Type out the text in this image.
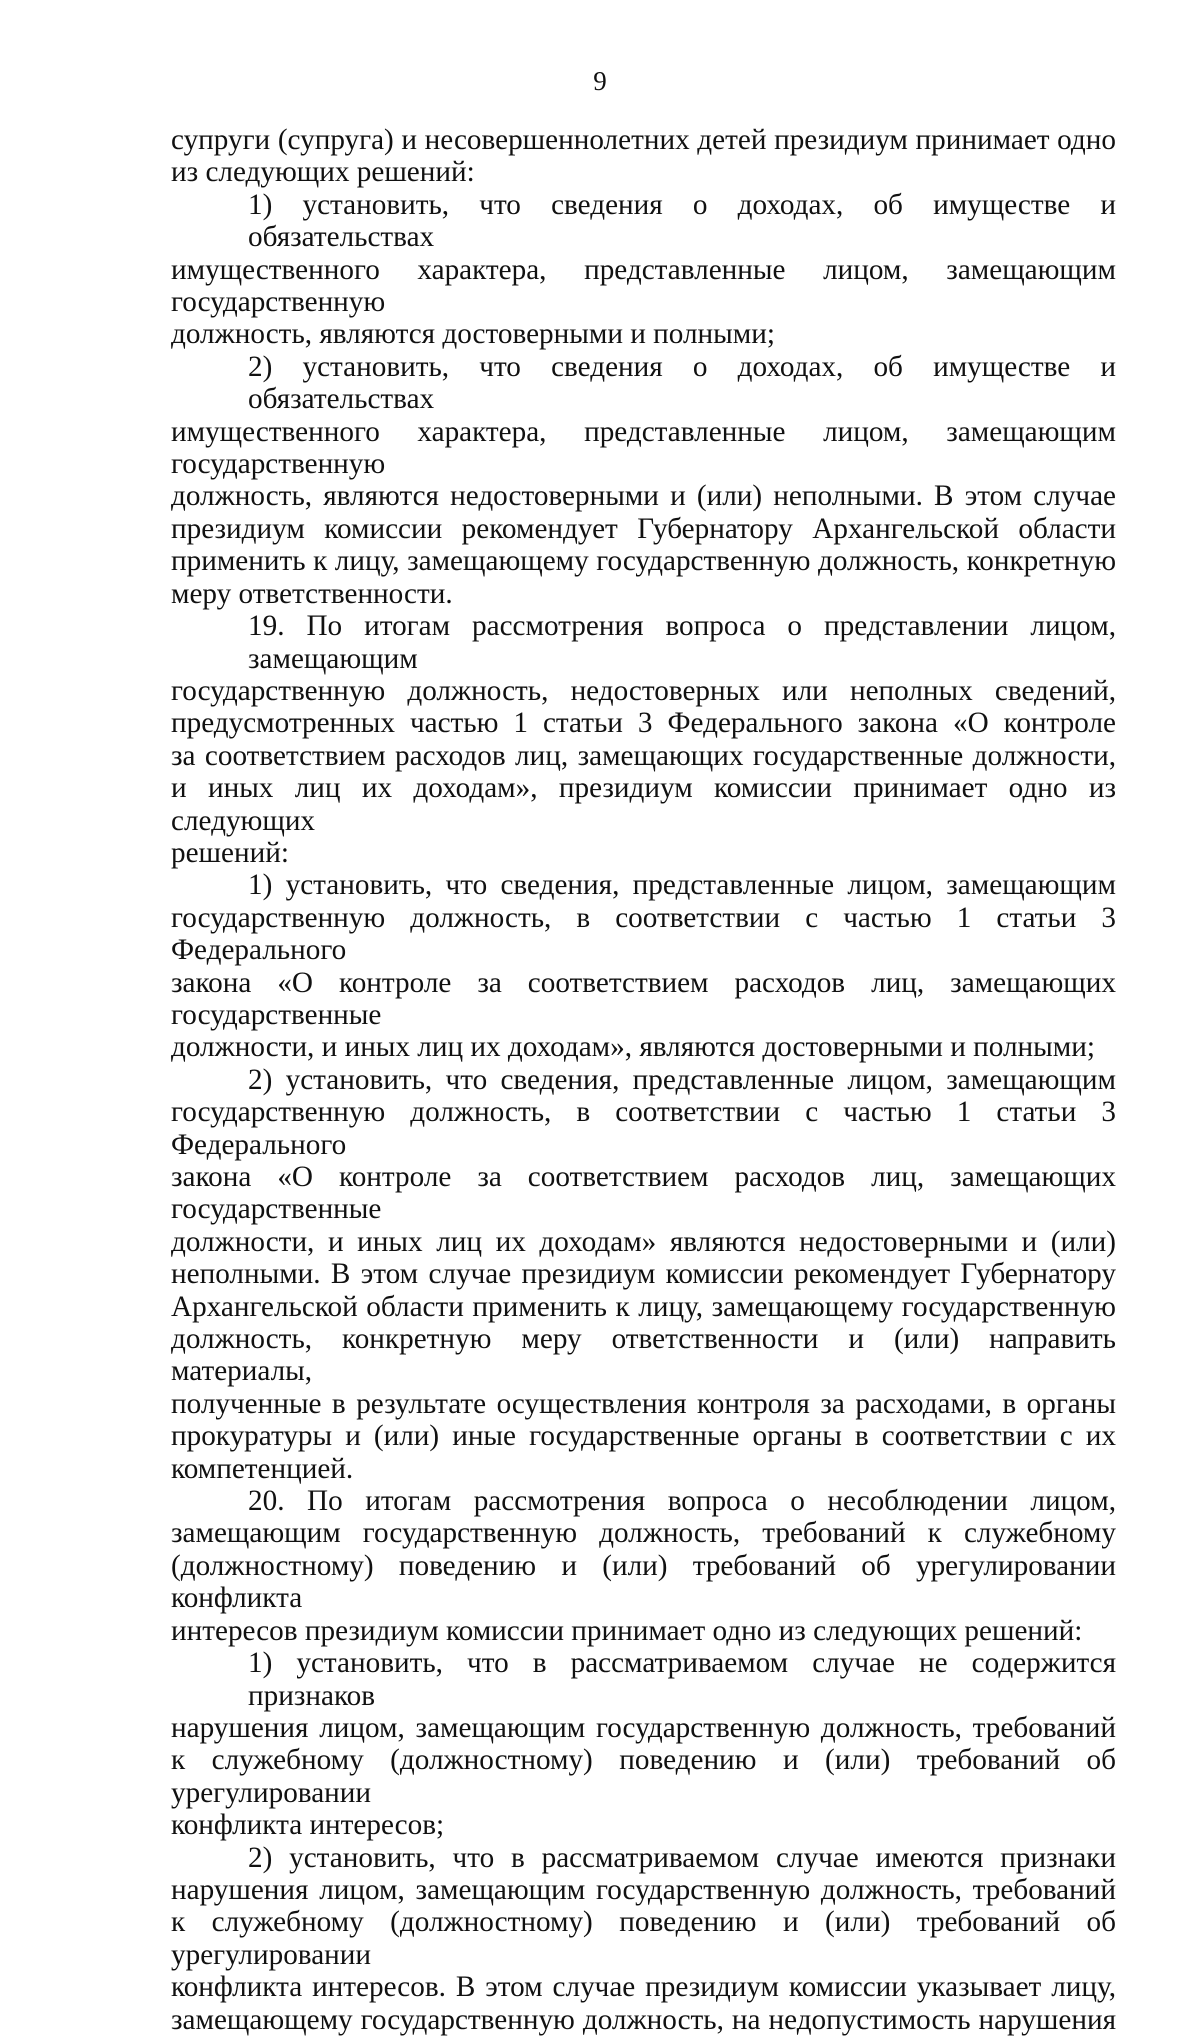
9
супруги (супруга) и несовершеннолетних детей президиум принимает одно
из следующих решений:
1) установить, что сведения о доходах, об имуществе и обязательствах
имущественного характера, представленные лицом, замещающим государственную
должность, являются достоверными и полными;
2) установить, что сведения о доходах, об имуществе и обязательствах
имущественного характера, представленные лицом, замещающим государственную
должность, являются недостоверными и (или) неполными. В этом случае
президиум комиссии рекомендует Губернатору Архангельской области
применить к лицу, замещающему государственную должность, конкретную
меру ответственности.
19. По итогам рассмотрения вопроса о представлении лицом, замещающим
государственную должность, недостоверных или неполных сведений,
предусмотренных частью 1 статьи 3 Федерального закона «О контроле
за соответствием расходов лиц, замещающих государственные должности,
и иных лиц их доходам», президиум комиссии принимает одно из следующих
решений:
1) установить, что сведения, представленные лицом, замещающим
государственную должность, в соответствии с частью 1 статьи 3 Федерального
закона «О контроле за соответствием расходов лиц, замещающих государственные
должности, и иных лиц их доходам», являются достоверными и полными;
2) установить, что сведения, представленные лицом, замещающим
государственную должность, в соответствии с частью 1 статьи 3 Федерального
закона «О контроле за соответствием расходов лиц, замещающих государственные
должности, и иных лиц их доходам» являются недостоверными и (или)
неполными. В этом случае президиум комиссии рекомендует Губернатору
Архангельской области применить к лицу, замещающему государственную
должность, конкретную меру ответственности и (или) направить материалы,
полученные в результате осуществления контроля за расходами, в органы
прокуратуры и (или) иные государственные органы в соответствии с их
компетенцией.
20. По итогам рассмотрения вопроса о несоблюдении лицом,
замещающим государственную должность, требований к служебному
(должностному) поведению и (или) требований об урегулировании конфликта
интересов президиум комиссии принимает одно из следующих решений:
1) установить, что в рассматриваемом случае не содержится признаков
нарушения лицом, замещающим государственную должность, требований
к служебному (должностному) поведению и (или) требований об урегулировании
конфликта интересов;
2) установить, что в рассматриваемом случае имеются признаки
нарушения лицом, замещающим государственную должность, требований
к служебному (должностному) поведению и (или) требований об урегулировании
конфликта интересов. В этом случае президиум комиссии указывает лицу,
замещающему государственную должность, на недопустимость нарушения
